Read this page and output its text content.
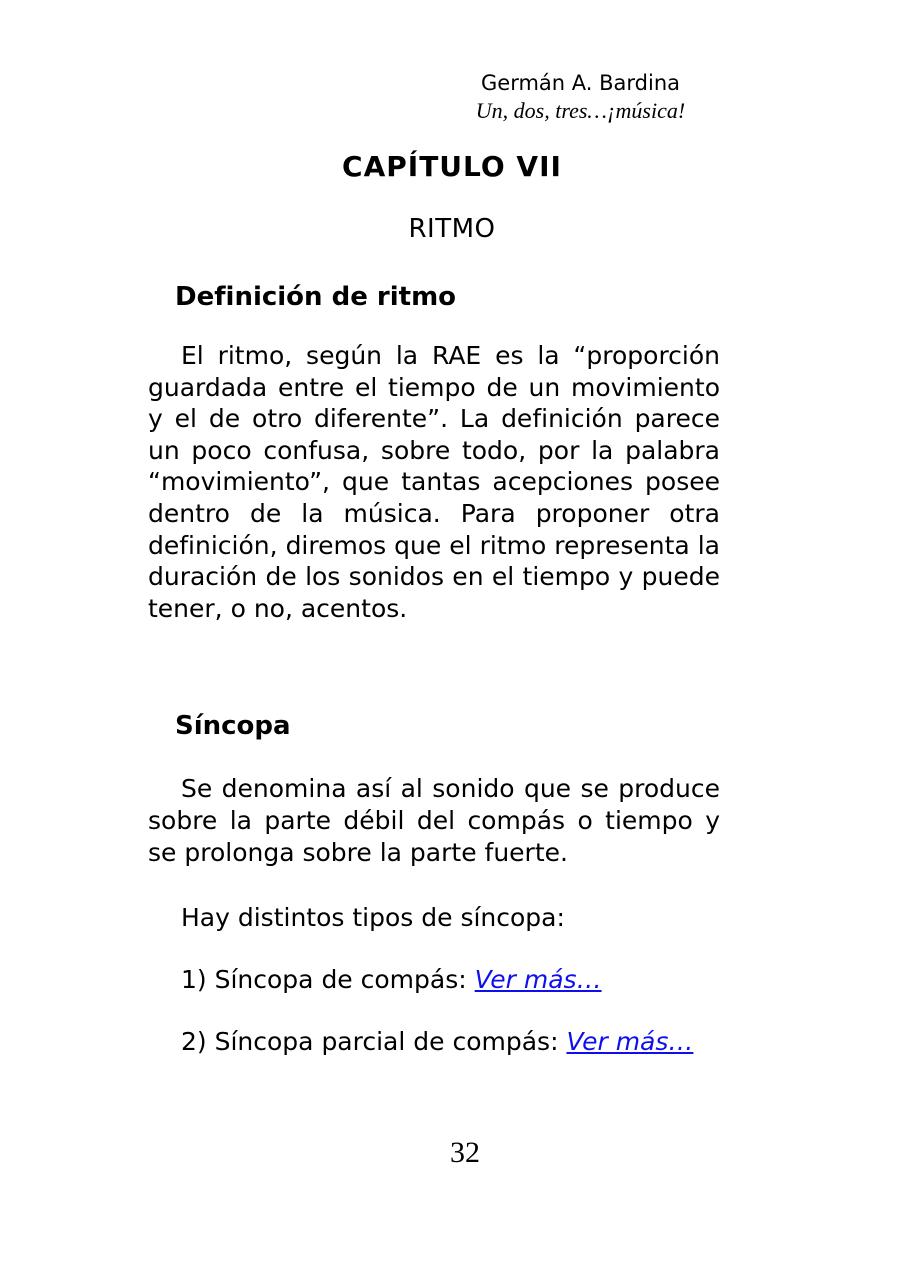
Germán A. Bardina
Un, dos, tres…¡música!
CAPÍTULO VII
RITMO
Definición de ritmo

El ritmo, según la RAE es la “proporción guardada entre el tiempo de un movimiento y el de otro diferente”. La definición parece un poco confusa, sobre todo, por la palabra “movimiento”, que tantas acepciones posee dentro de la música. Para proponer otra definición, diremos que el ritmo representa la duración de los sonidos en el tiempo y puede tener, o no, acentos.

Síncopa

Se denomina así al sonido que se produce sobre la parte débil del compás o tiempo y se prolonga sobre la parte fuerte.

Hay distintos tipos de síncopa:

1) Síncopa de compás: Ver más…

2) Síncopa parcial de compás: Ver más…

32
